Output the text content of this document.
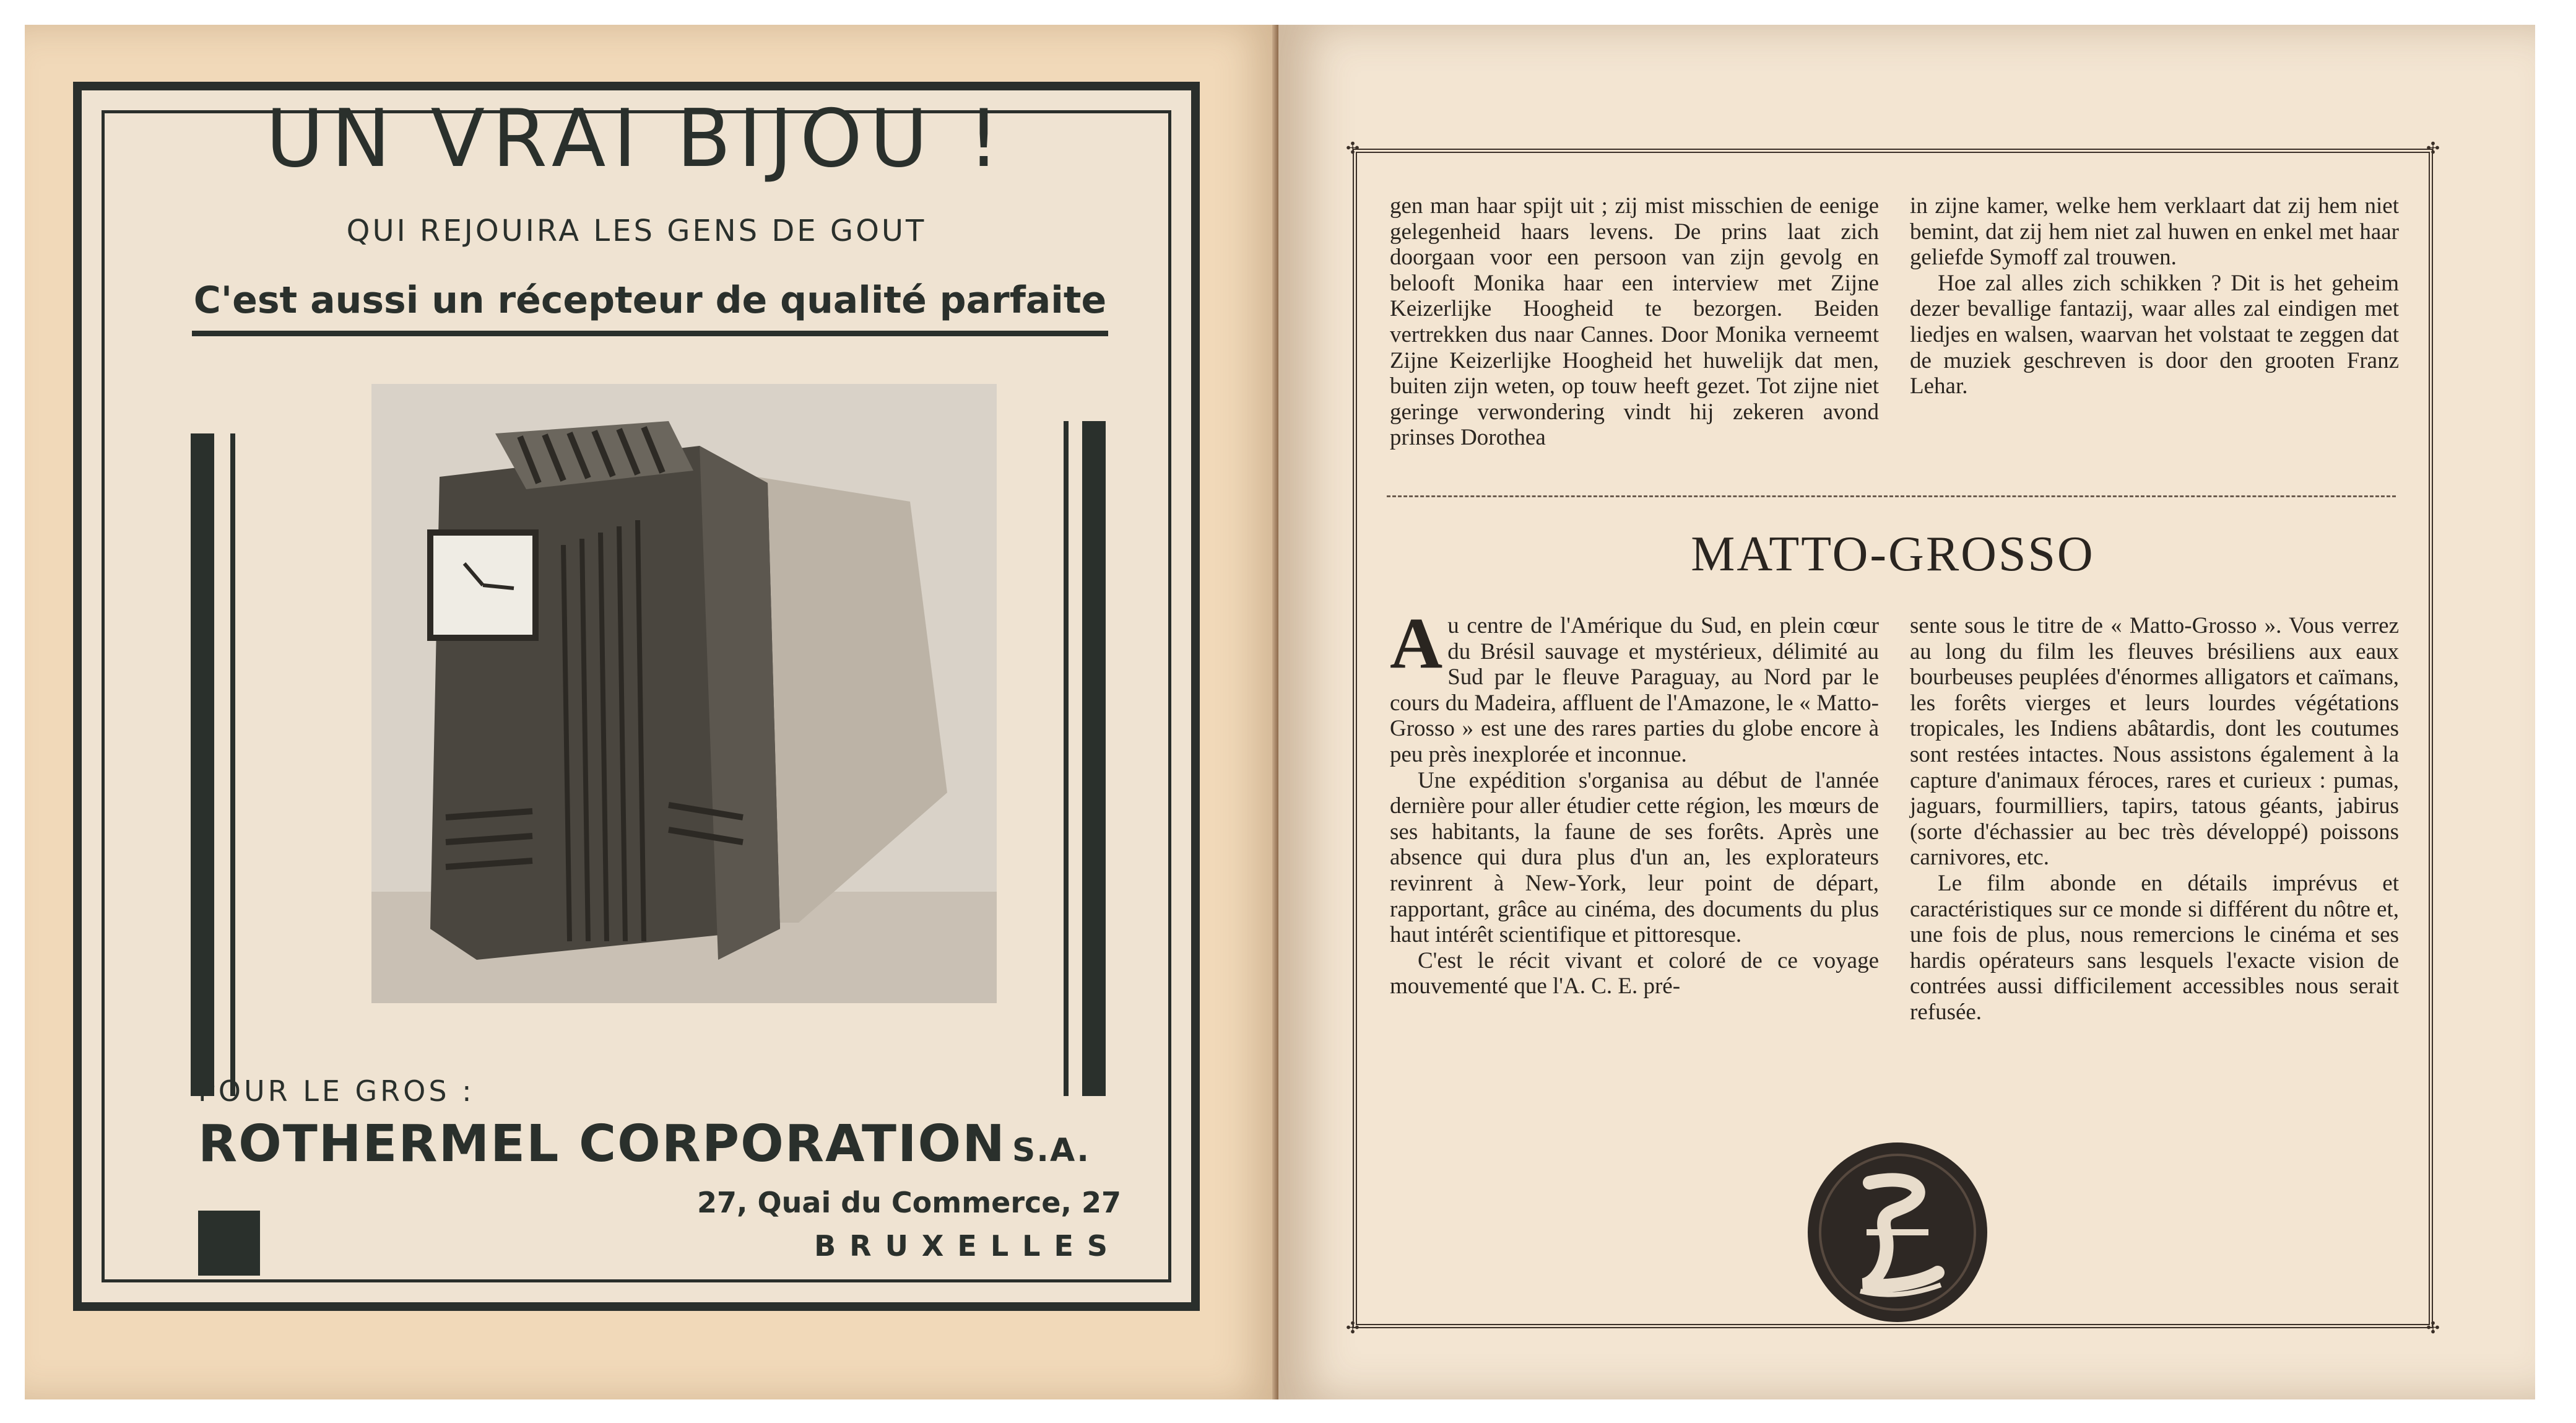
UN VRAI BIJOU !
QUI REJOUIRA LES GENS DE GOUT
C'est aussi un récepteur de qualité parfaite
POUR LE GROS :
ROTHERMEL CORPORATION S.A.
27, Quai du Commerce, 27
BRUXELLES
✣	✣
✣	✣

gen man haar spijt uit ; zij mist misschien de eenige gelegenheid haars levens. De prins laat zich doorgaan voor een persoon van zijn gevolg en belooft Monika haar een interview met Zijne Keizerlijke Hoogheid te bezorgen. Beiden vertrekken dus naar Cannes. Door Monika verneemt Zijne Keizerlijke Hoogheid het huwelijk dat men, buiten zijn weten, op touw heeft gezet. Tot zijne niet geringe verwondering vindt hij zekeren avond prinses Dorothea

in zijne kamer, welke hem verklaart dat zij hem niet bemint, dat zij hem niet zal huwen en enkel met haar geliefde Symoff zal trouwen.

Hoe zal alles zich schikken ? Dit is het geheim dezer bevallige fantazij, waar alles zal eindigen met liedjes en walsen, waarvan het volstaat te zeggen dat de muziek geschreven is door den grooten Franz Lehar.

MATTO-GROSSO

Au centre de l'Amérique du Sud, en plein cœur du Brésil sauvage et mystérieux, délimité au Sud par le fleuve Paraguay, au Nord par le cours du Madeira, affluent de l'Amazone, le « Matto-Grosso » est une des rares parties du globe encore à peu près inexplorée et inconnue.

Une expédition s'organisa au début de l'année dernière pour aller étudier cette région, les mœurs de ses habitants, la faune de ses forêts. Après une absence qui dura plus d'un an, les explorateurs revinrent à New-York, leur point de départ, rapportant, grâce au cinéma, des documents du plus haut intérêt scientifique et pittoresque.

C'est le récit vivant et coloré de ce voyage mouvementé que l'A. C. E. pré-

sente sous le titre de « Matto-Grosso ». Vous verrez au long du film les fleuves brésiliens aux eaux bourbeuses peuplées d'énormes alligators et caïmans, les forêts vierges et leurs lourdes végétations tropicales, les Indiens abâtardis, dont les coutumes sont restées intactes. Nous assistons également à la capture d'animaux féroces, rares et curieux : pumas, jaguars, fourmilliers, tapirs, tatous géants, jabirus (sorte d'échassier au bec très développé) poissons carnivores, etc.

Le film abonde en détails imprévus et caractéristiques sur ce monde si différent du nôtre et, une fois de plus, nous remercions le cinéma et ses hardis opérateurs sans lesquels l'exacte vision de contrées aussi difficilement accessibles nous serait refusée.
